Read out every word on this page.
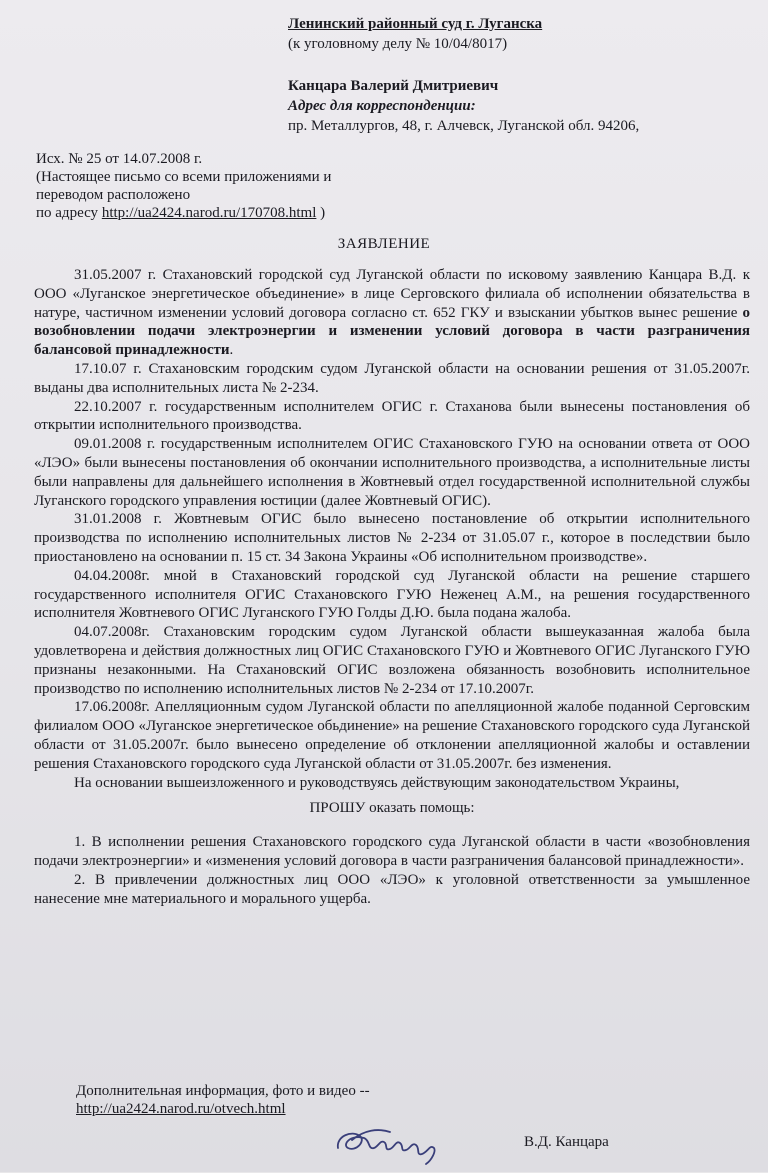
Ленинский районный суд г. Луганска
(к уголовному делу № 10/04/8017)
Канцара Валерий Дмитриевич
Адрес для корреспонденции:
пр. Металлургов, 48, г. Алчевск, Луганской обл. 94206,
Исх. № 25 от 14.07.2008 г.
(Настоящее письмо со всеми приложениями и
переводом расположено
по адресу http://ua2424.narod.ru/170708.html )
ЗАЯВЛЕНИЕ

31.05.2007 г. Стахановский городской суд Луганской области по исковому заявлению Канцара В.Д. к ООО «Луганское энергетическое объединение» в лице Серговского филиала об исполнении обязательства в натуре, частичном изменении условий договора согласно ст. 652 ГКУ и взыскании убытков вынес решение о возобновлении подачи электроэнергии и изменении условий договора в части разграничения балансовой принадлежности.

17.10.07 г. Стахановским городским судом Луганской области на основании решения от 31.05.2007г. выданы два исполнительных листа № 2-234.

22.10.2007 г. государственным исполнителем ОГИС г. Стаханова были вынесены постановления об открытии исполнительного производства.

09.01.2008 г. государственным исполнителем ОГИС Стахановского ГУЮ на основании ответа от ООО «ЛЭО» были вынесены постановления об окончании исполнительного производства, а исполнительные листы были направлены для дальнейшего исполнения в Жовтневый отдел государственной исполнительной службы Луганского городского управления юстиции (далее Жовтневый ОГИС).

31.01.2008 г. Жовтневым ОГИС было вынесено постановление об открытии исполнительного производства по исполнению исполнительных листов № 2-234 от 31.05.07 г., которое в последствии было приостановлено на основании п. 15 ст. 34 Закона Украины «Об исполнительном производстве».

04.04.2008г. мной в Стахановский городской суд Луганской области на решение старшего государственного исполнителя ОГИС Стахановского ГУЮ Неженец А.М., на решения государственного исполнителя Жовтневого ОГИС Луганского ГУЮ Голды Д.Ю. была подана жалоба.

04.07.2008г. Стахановским городским судом Луганской области вышеуказанная жалоба была удовлетворена и действия должностных лиц ОГИС Стахановского ГУЮ и Жовтневого ОГИС Луганского ГУЮ признаны незаконными. На Стахановский ОГИС возложена обязанность возобновить исполнительное производство по исполнению исполнительных листов № 2-234 от 17.10.2007г.

17.06.2008г. Апелляционным судом Луганской области по апелляционной жалобе поданной Серговским филиалом ООО «Луганское энергетическое обьдинение» на решение Стахановского городского суда Луганской области от 31.05.2007г. было вынесено определение об отклонении апелляционной жалобы и оставлении решения Стахановского городского суда Луганской области от 31.05.2007г. без изменения.

На основании вышеизложенного и руководствуясь действующим законодательством Украины,

ПРОШУ оказать помощь:

1. В исполнении решения Стахановского городского суда Луганской области в части «возобновления подачи электроэнергии» и «изменения условий договора в части разграничения балансовой принадлежности».

2. В привлечении должностных лиц ООО «ЛЭО» к уголовной ответственности за умышленное нанесение мне материального и морального ущерба.

Дополнительная информация, фото и видео --
http://ua2424.narod.ru/otvech.html
В.Д. Канцара
